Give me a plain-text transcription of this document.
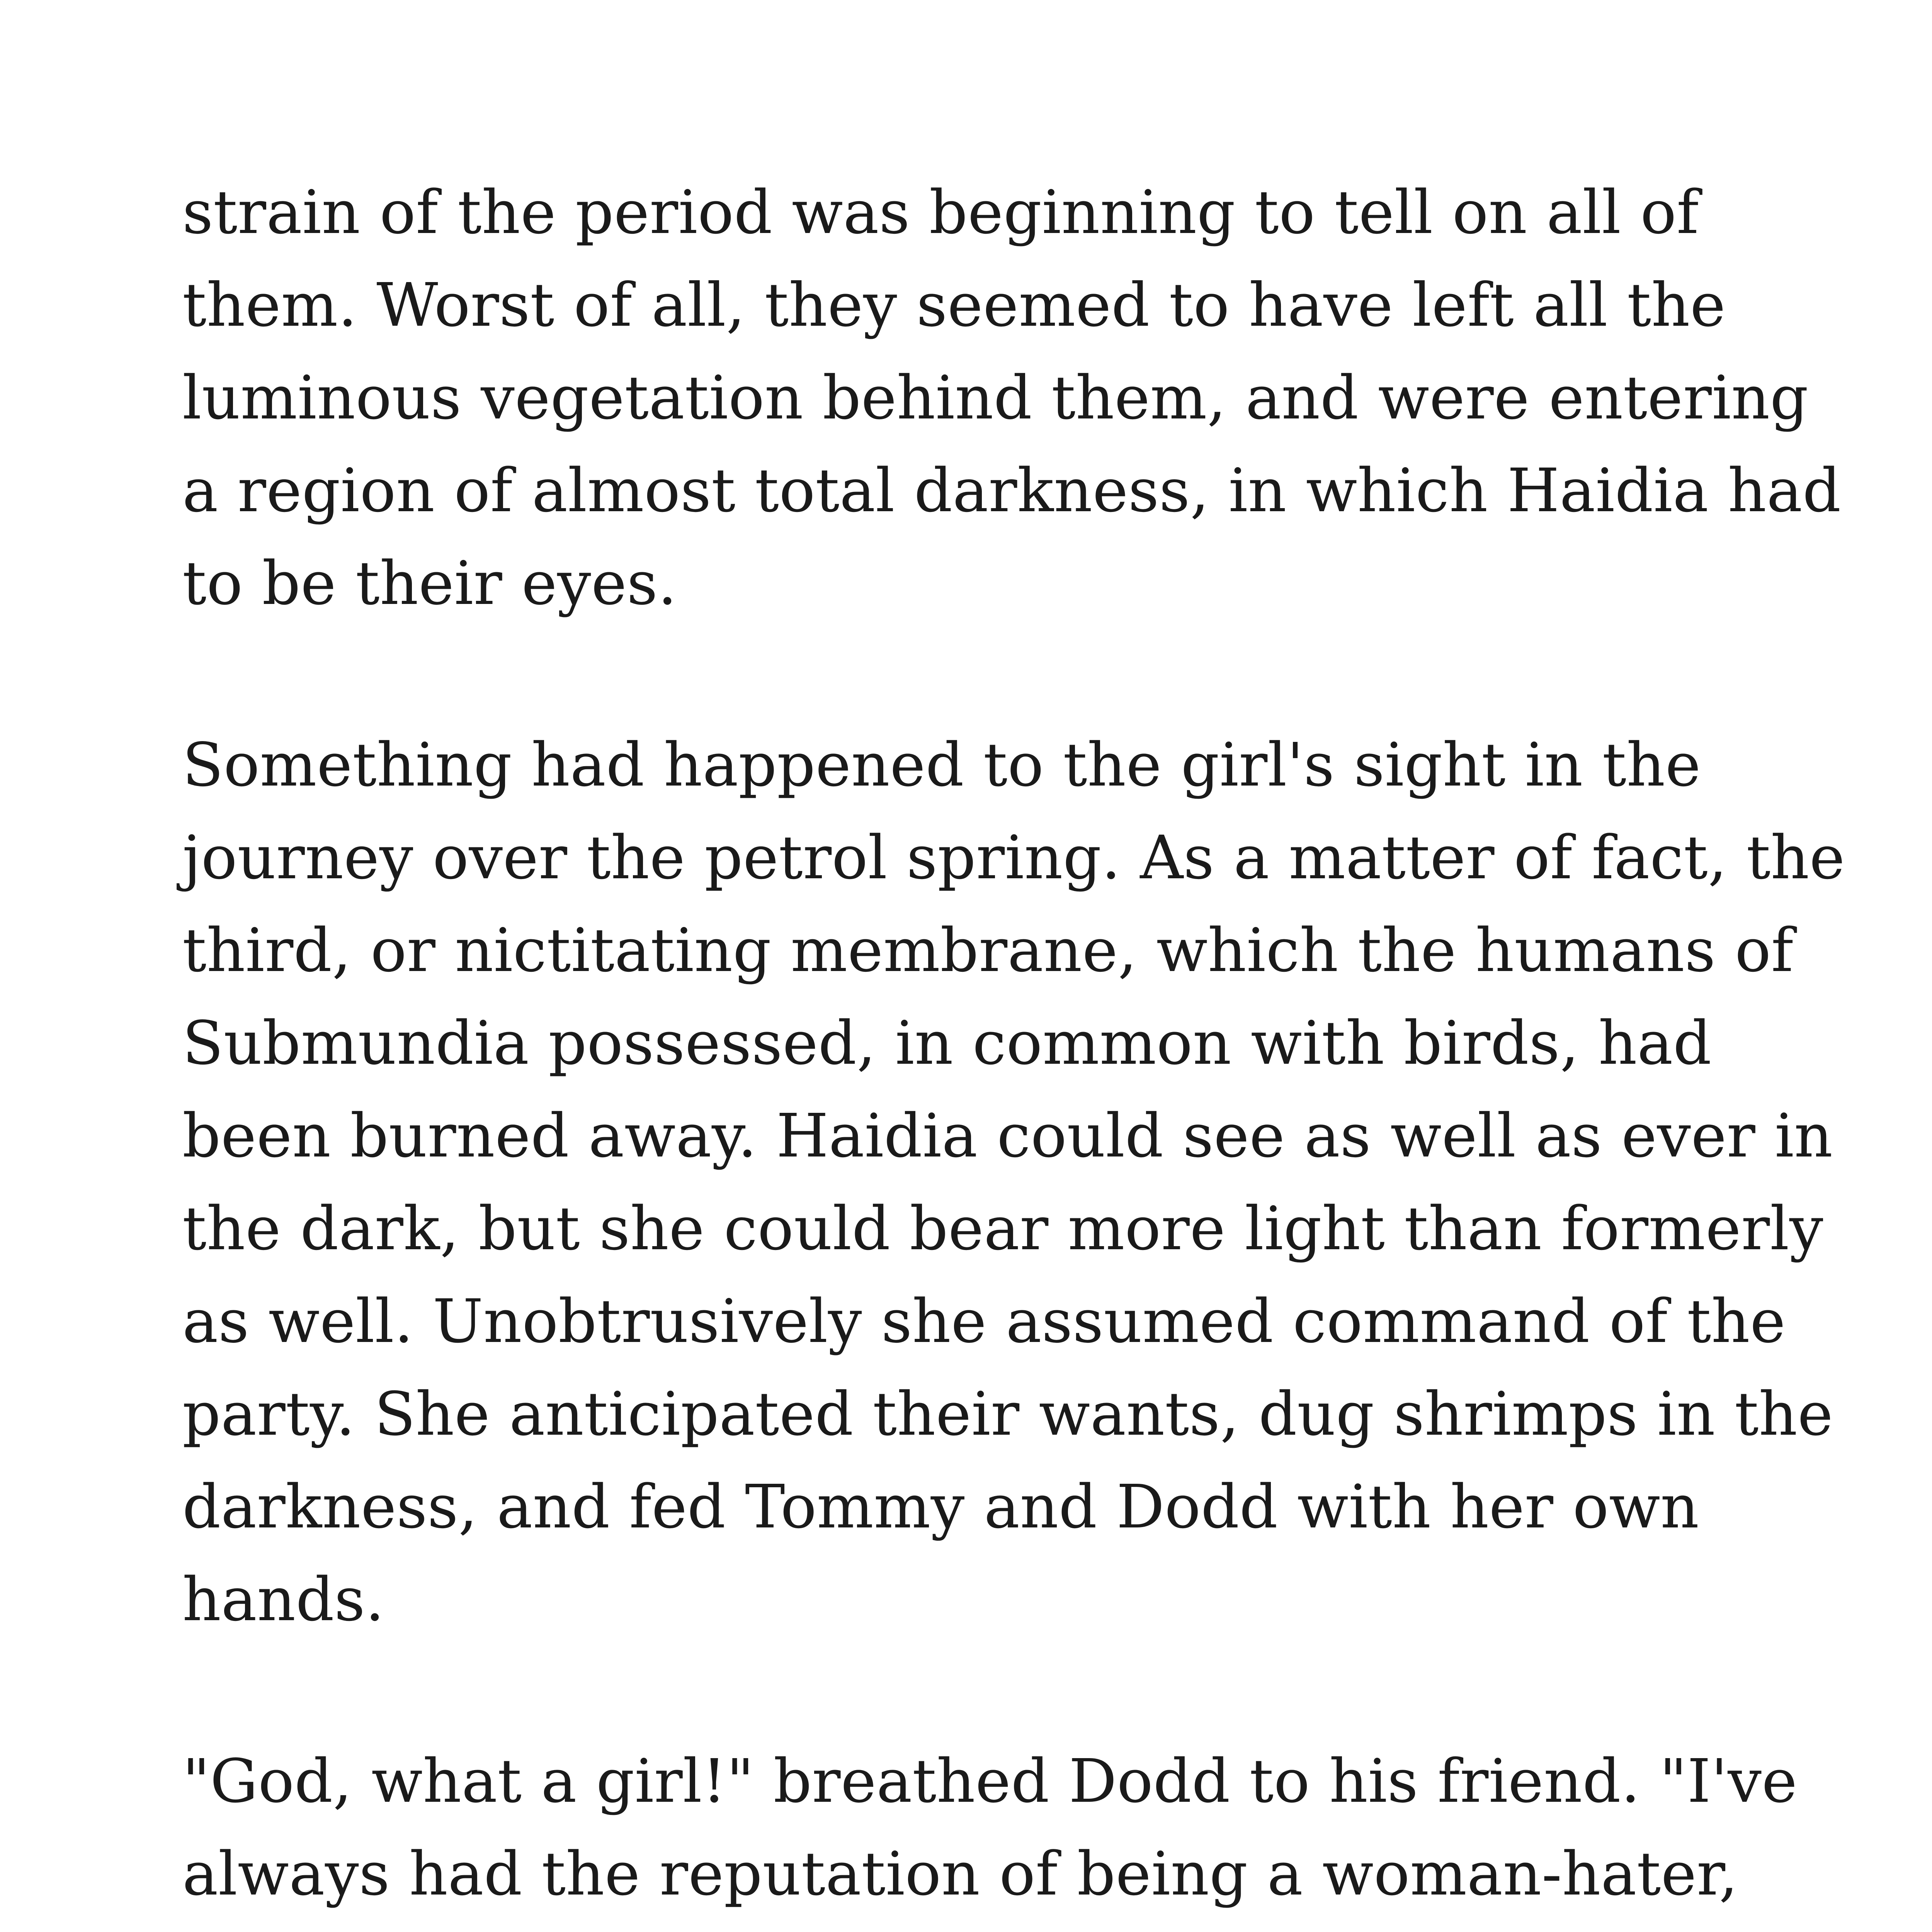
strain of the period was beginning to tell on all of
them. Worst of all, they seemed to have left all the
luminous vegetation behind them, and were entering
a region of almost total darkness, in which Haidia had
to be their eyes.
Something had happened to the girl's sight in the
journey over the petrol spring. As a matter of fact, the
third, or nictitating membrane, which the humans of
Submundia possessed, in common with birds, had
been burned away. Haidia could see as well as ever in
the dark, but she could bear more light than formerly
as well. Unobtrusively she assumed command of the
party. She anticipated their wants, dug shrimps in the
darkness, and fed Tommy and Dodd with her own
hands.
"God, what a girl!" breathed Dodd to his friend. "I've
always had the reputation of being a woman-hater,
